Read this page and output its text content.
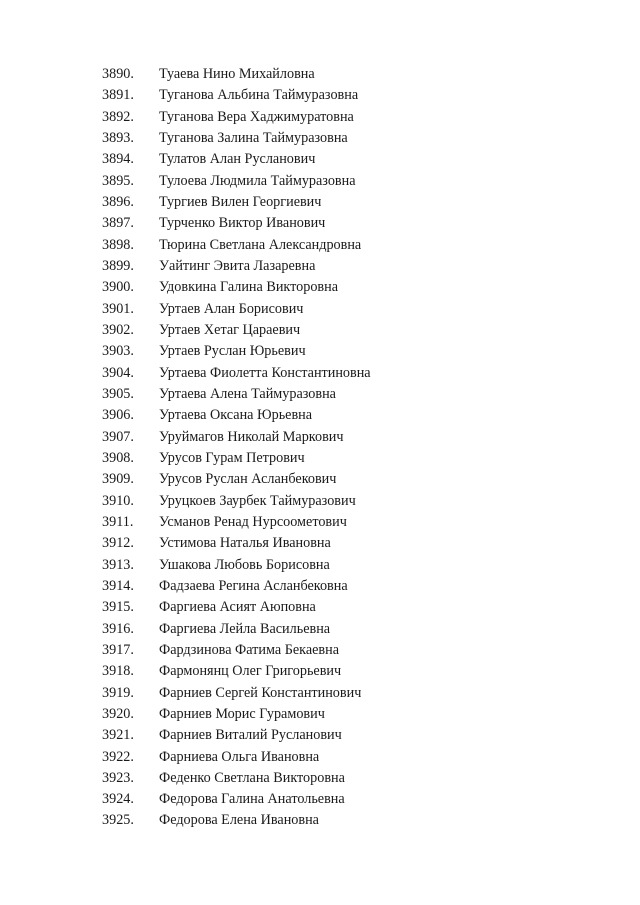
3890.	Туаева Нино Михайловна
3891.	Туганова Альбина Таймуразовна
3892.	Туганова Вера Хаджимуратовна
3893.	Туганова Залина Таймуразовна
3894.	Тулатов Алан Русланович
3895.	Тулоева Людмила Таймуразовна
3896.	Тургиев Вилен Георгиевич
3897.	Турченко Виктор Иванович
3898.	Тюрина Светлана Александровна
3899.	Уайтинг Эвита Лазаревна
3900.	Удовкина Галина Викторовна
3901.	Уртаев Алан Борисович
3902.	Уртаев Хетаг Цараевич
3903.	Уртаев Руслан Юрьевич
3904.	Уртаева Фиолетта Константиновна
3905.	Уртаева Алена Таймуразовна
3906.	Уртаева Оксана Юрьевна
3907.	Уруймагов Николай Маркович
3908.	Урусов Гурам Петрович
3909.	Урусов Руслан Асланбекович
3910.	Уруцкоев Заурбек Таймуразович
3911.	Усманов Ренад Нурсоометович
3912.	Устимова Наталья Ивановна
3913.	Ушакова Любовь Борисовна
3914.	Фадзаева Регина Асланбековна
3915.	Фаргиева Асият Аюповна
3916.	Фаргиева Лейла Васильевна
3917.	Фардзинова Фатима Бекаевна
3918.	Фармонянц Олег Григорьевич
3919.	Фарниев Сергей Константинович
3920.	Фарниев Морис Гурамович
3921.	Фарниев Виталий Русланович
3922.	Фарниева Ольга Ивановна
3923.	Феденко Светлана Викторовна
3924.	Федорова Галина Анатольевна
3925.	Федорова Елена Ивановна
